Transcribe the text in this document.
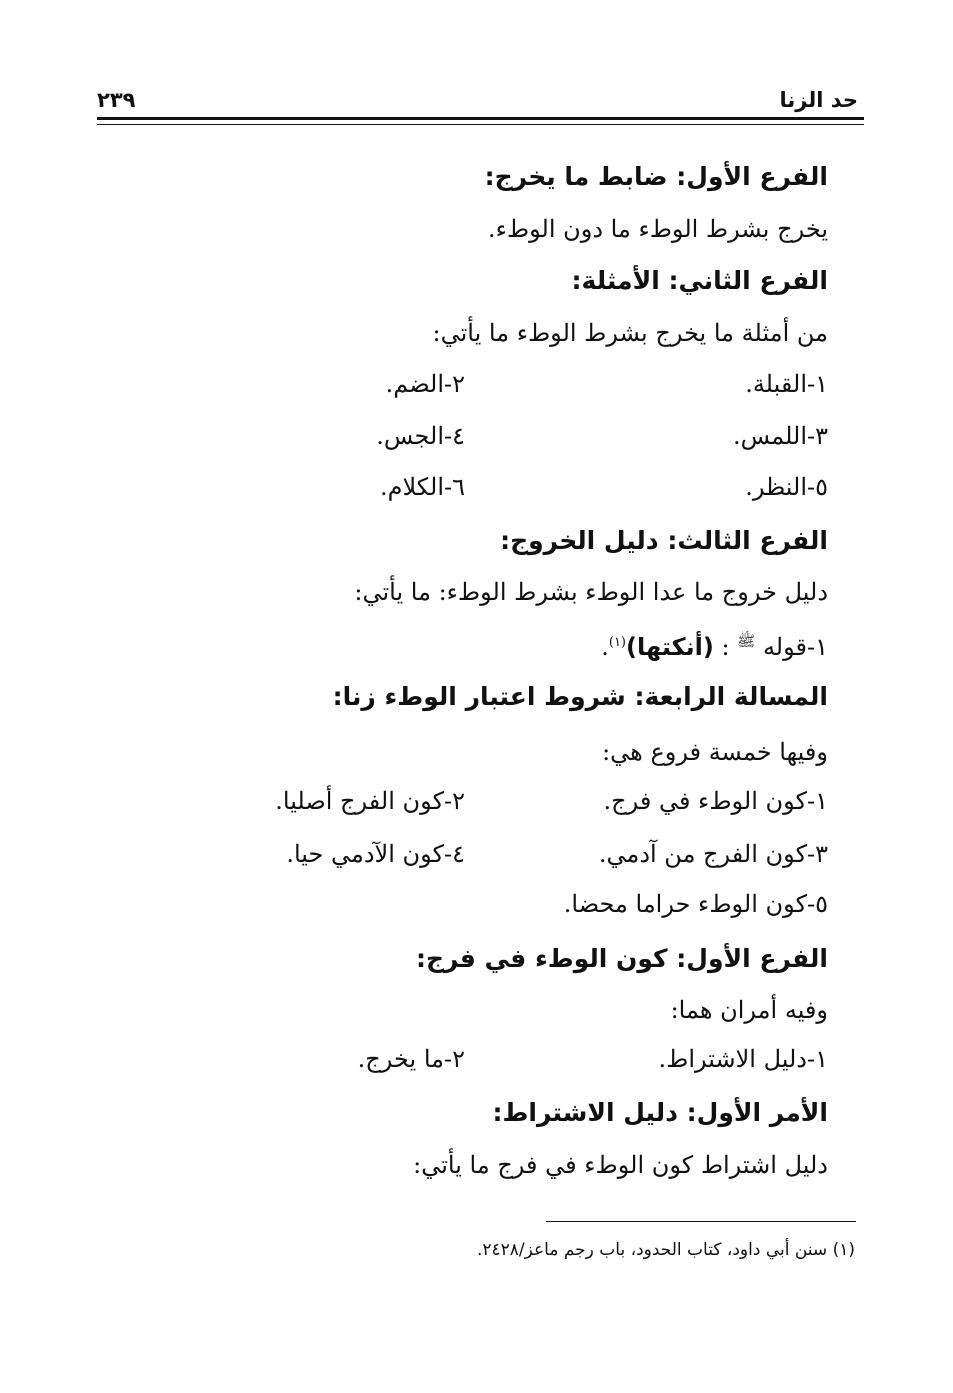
حد الزنا
٢٣٩
الفرع الأول: ضابط ما يخرج:
يخرج بشرط الوطء ما دون الوطء.
الفرع الثاني: الأمثلة:
من أمثلة ما يخرج بشرط الوطء ما يأتي:
١-القبلة.
٢-الضم.
٣-اللمس.
٤-الجس.
٥-النظر.
٦-الكلام.
الفرع الثالث: دليل الخروج:
دليل خروج ما عدا الوطء بشرط الوطء: ما يأتي:
١-قوله $^ﷺ$ : (أنكتها)$^{(١)}$.
المسالة الرابعة: شروط اعتبار الوطء زنا:
وفيها خمسة فروع هي:
١-كون الوطء في فرج.
٢-كون الفرج أصليا.
٣-كون الفرج من آدمي.
٤-كون الآدمي حيا.
٥-كون الوطء حراما محضا.
الفرع الأول: كون الوطء في فرج:
وفيه أمران هما:
١-دليل الاشتراط.
٢-ما يخرج.
الأمر الأول: دليل الاشتراط:
دليل اشتراط كون الوطء في فرج ما يأتي:
(١) سنن أبي داود، كتاب الحدود، باب رجم ماعز/٢٤٢٨.
